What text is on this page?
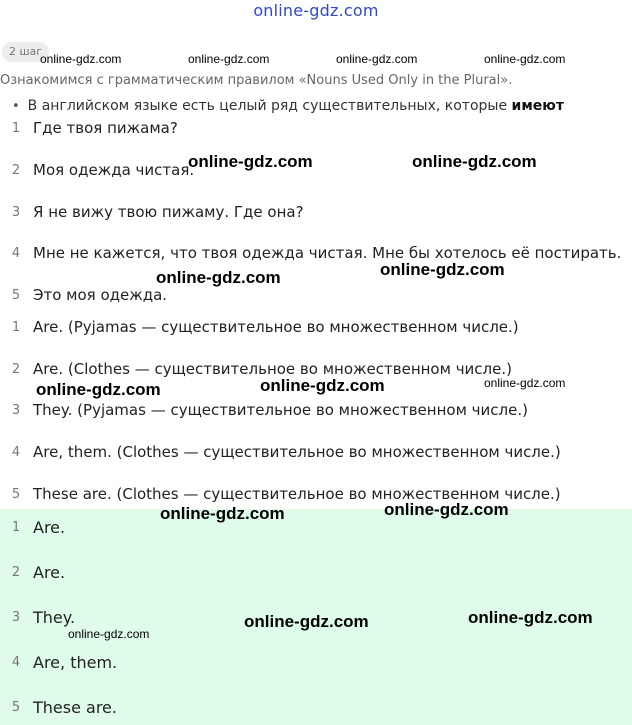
online-gdz.com
2 шаг
Ознакомимся с грамматическим правилом «Nouns Used Only in the Plural».
• В английском языке есть целый ряд существительных, которые имеют
1 Где твоя пижама?
2 Моя одежда чистая.
3 Я не вижу твою пижаму. Где она?
4 Мне не кажется, что твоя одежда чистая. Мне бы хотелось её постирать.
5 Это моя одежда.
1 Are. (Pyjamas — существительное во множественном числе.)
2 Are. (Clothes — существительное во множественном числе.)
3 They. (Pyjamas — существительное во множественном числе.)
4 Are, them. (Clothes — существительное во множественном числе.)
5 These are. (Clothes — существительное во множественном числе.)
1 Are.
2 Are.
3 They.
4 Are, them.
5 These are.
online-gdz.com	online-gdz.com	online-gdz.com	online-gdz.com
online-gdz.com	online-gdz.com
online-gdz.com	online-gdz.com
online-gdz.com	online-gdz.com	online-gdz.com
online-gdz.com	online-gdz.com
online-gdz.com	online-gdz.com
online-gdz.com
